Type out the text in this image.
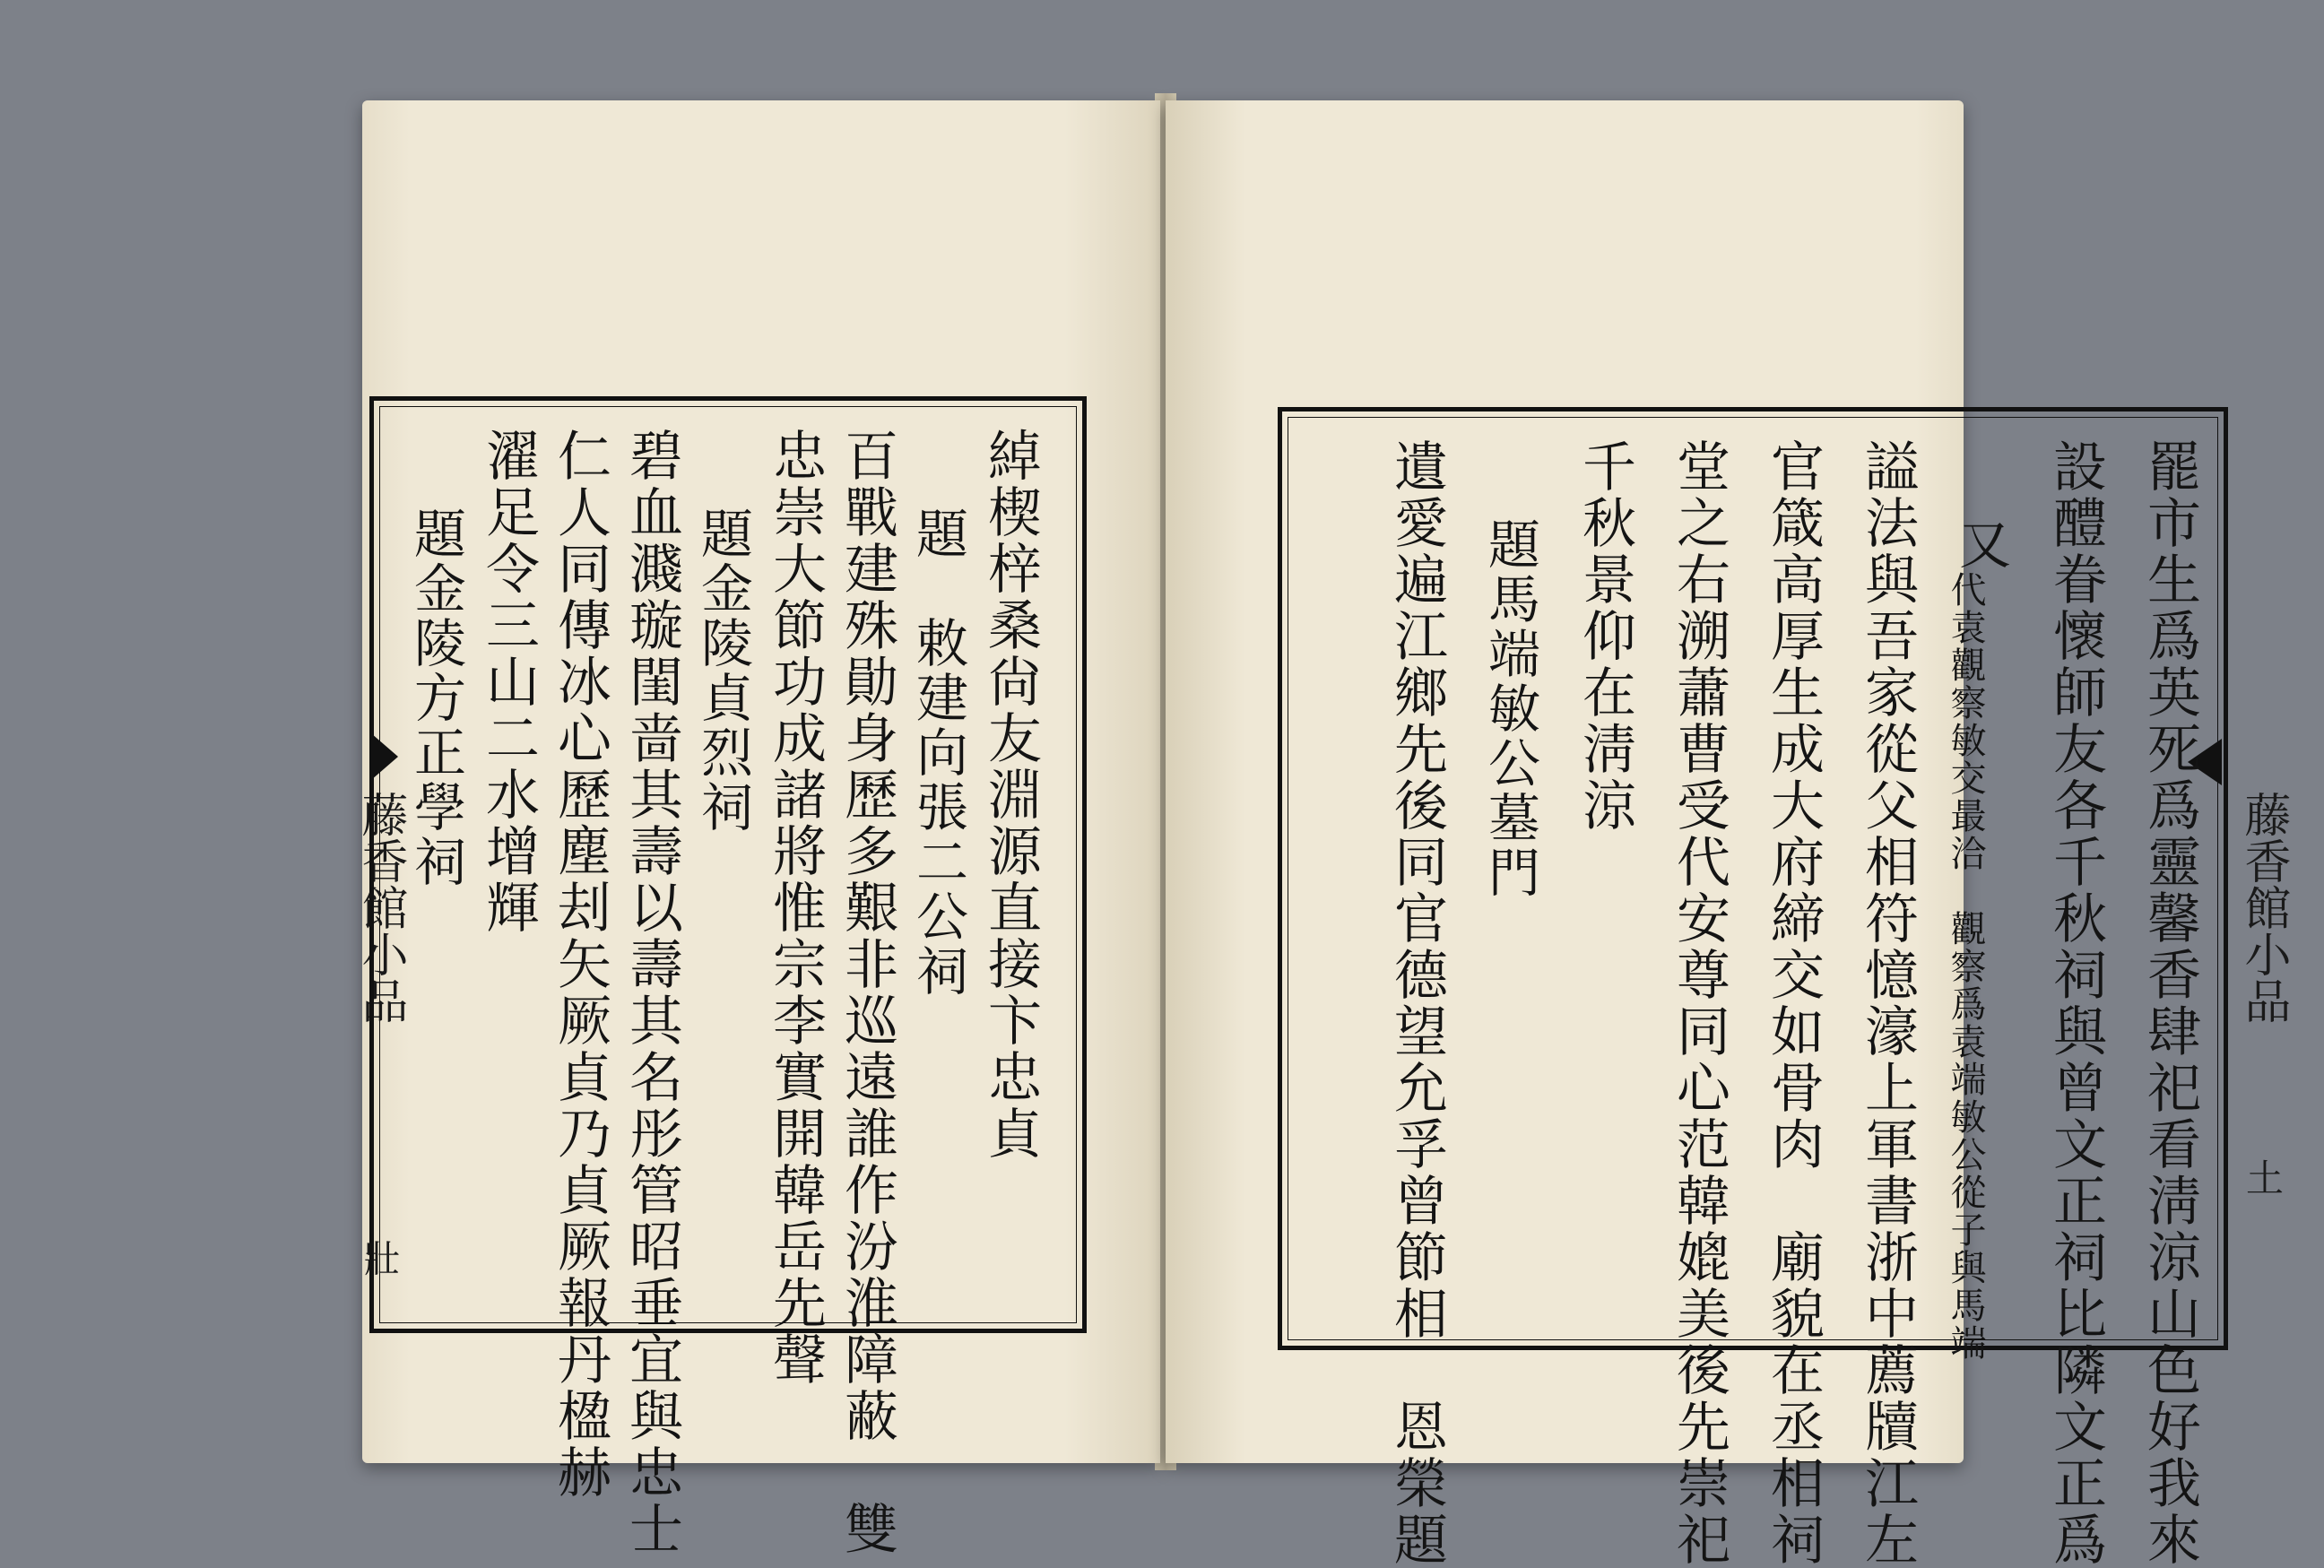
藤香館小品
壯
綽楔梓桑尙友淵源直接卞忠貞
題　敕建向張二公祠
百戰建殊勛身歷多艱非巡遠誰作汾淮障蔽　雙
忠崇大節功成諸將惟宗李實開韓岳先聲
題金陵貞烈祠
碧血濺璇閨啬其壽以壽其名彤管昭垂宜與忠士
仁人同傳冰心歷塵刦矢厥貞乃貞厥報丹楹赫
濯足令三山二水增輝
題金陵方正學祠
藤香館小品
土
罷市生爲英死爲靈馨香肆祀看淸涼山色好我來
設醴眷懷師友各千秋祠與曾文正祠比隣文正爲
又
代袁觀察敏交最洽　觀察爲袁端敏公從子與馬端
謚法與吾家從父相符憶濠上軍書浙中薦牘江左
官箴高厚生成大府締交如骨肉　廟貌在丞相祠
堂之右溯蕭曹受代安尊同心范韓媲美後先崇祀
千秋景仰在淸涼
題馬端敏公墓門
遺愛遍江鄉先後同官德望允孚曾節相　恩榮題
